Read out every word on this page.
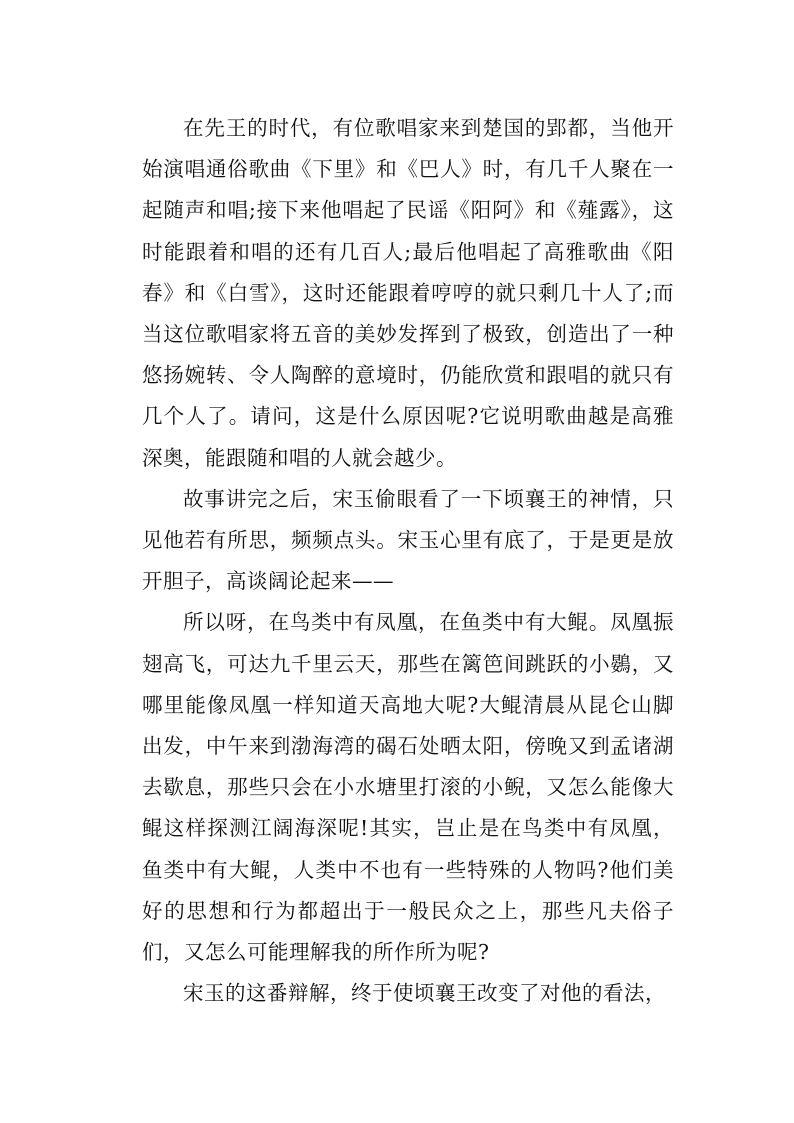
在先王的时代，有位歌唱家来到楚国的郢都，当他开始演唱通俗歌曲《下里》和《巴人》时，有几千人聚在一起随声和唱;接下来他唱起了民谣《阳阿》和《薤露》，这时能跟着和唱的还有几百人;最后他唱起了高雅歌曲《阳春》和《白雪》，这时还能跟着哼哼的就只剩几十人了;而当这位歌唱家将五音的美妙发挥到了极致，创造出了一种悠扬婉转、令人陶醉的意境时，仍能欣赏和跟唱的就只有几个人了。请问，这是什么原因呢?它说明歌曲越是高雅深奥，能跟随和唱的人就会越少。

故事讲完之后，宋玉偷眼看了一下顷襄王的神情，只见他若有所思，频频点头。宋玉心里有底了，于是更是放开胆子，高谈阔论起来——

所以呀，在鸟类中有凤凰，在鱼类中有大鲲。凤凰振翅高飞，可达九千里云天，那些在篱笆间跳跃的小鷃，又哪里能像凤凰一样知道天高地大呢?大鲲清晨从昆仑山脚出发，中午来到渤海湾的碣石处晒太阳，傍晚又到孟诸湖去歇息，那些只会在小水塘里打滚的小鲵，又怎么能像大鲲这样探测江阔海深呢!其实，岂止是在鸟类中有凤凰，鱼类中有大鲲，人类中不也有一些特殊的人物吗?他们美好的思想和行为都超出于一般民众之上，那些凡夫俗子们，又怎么可能理解我的所作所为呢?

宋玉的这番辩解，终于使顷襄王改变了对他的看法，
